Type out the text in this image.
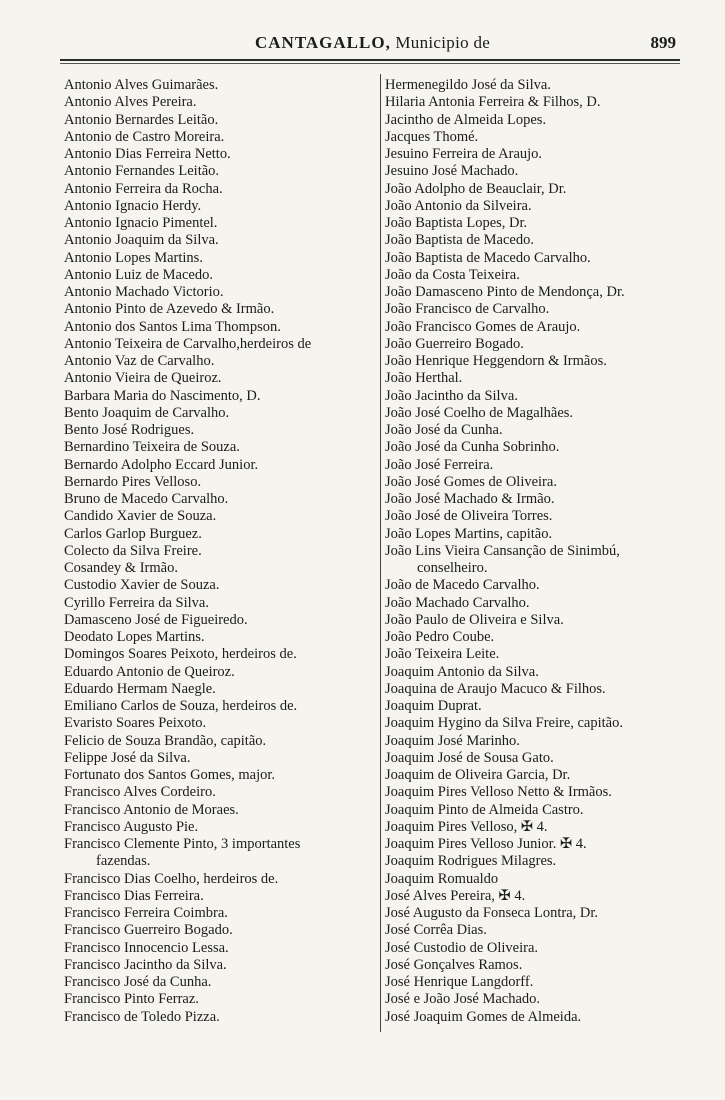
CANTAGALLO, Municipio de	899
Antonio Alves Guimarães.
Antonio Alves Pereira.
Antonio Bernardes Leitão.
Antonio de Castro Moreira.
Antonio Dias Ferreira Netto.
Antonio Fernandes Leitão.
Antonio Ferreira da Rocha.
Antonio Ignacio Herdy.
Antonio Ignacio Pimentel.
Antonio Joaquim da Silva.
Antonio Lopes Martins.
Antonio Luiz de Macedo.
Antonio Machado Victorio.
Antonio Pinto de Azevedo & Irmão.
Antonio dos Santos Lima Thompson.
Antonio Teixeira de Carvalho,herdeiros de
Antonio Vaz de Carvalho.
Antonio Vieira de Queiroz.
Barbara Maria do Nascimento, D.
Bento Joaquim de Carvalho.
Bento José Rodrigues.
Bernardino Teixeira de Souza.
Bernardo Adolpho Eccard Junior.
Bernardo Pires Velloso.
Bruno de Macedo Carvalho.
Candido Xavier de Souza.
Carlos Garlop Burguez.
Colecto da Silva Freire.
Cosandey & Irmão.
Custodio Xavier de Souza.
Cyrillo Ferreira da Silva.
Damasceno José de Figueiredo.
Deodato Lopes Martins.
Domingos Soares Peixoto, herdeiros de.
Eduardo Antonio de Queiroz.
Eduardo Hermam Naegle.
Emiliano Carlos de Souza, herdeiros de.
Evaristo Soares Peixoto.
Felicio de Souza Brandão, capitão.
Felippe José da Silva.
Fortunato dos Santos Gomes, major.
Francisco Alves Cordeiro.
Francisco Antonio de Moraes.
Francisco Augusto Pie.
Francisco Clemente Pinto, 3 importantes
fazendas.
Francisco Dias Coelho, herdeiros de.
Francisco Dias Ferreira.
Francisco Ferreira Coimbra.
Francisco Guerreiro Bogado.
Francisco Innocencio Lessa.
Francisco Jacintho da Silva.
Francisco José da Cunha.
Francisco Pinto Ferraz.
Francisco de Toledo Pizza.
Hermenegildo José da Silva.
Hilaria Antonia Ferreira & Filhos, D.
Jacintho de Almeida Lopes.
Jacques Thomé.
Jesuino Ferreira de Araujo.
Jesuino José Machado.
João Adolpho de Beauclair, Dr.
João Antonio da Silveira.
João Baptista Lopes, Dr.
João Baptista de Macedo.
João Baptista de Macedo Carvalho.
João da Costa Teixeira.
João Damasceno Pinto de Mendonça, Dr.
João Francisco de Carvalho.
João Francisco Gomes de Araujo.
João Guerreiro Bogado.
João Henrique Heggendorn & Irmãos.
João Herthal.
João Jacintho da Silva.
João José Coelho de Magalhães.
João José da Cunha.
João José da Cunha Sobrinho.
João José Ferreira.
João José Gomes de Oliveira.
João José Machado & Irmão.
João José de Oliveira Torres.
João Lopes Martins, capitão.
João Lins Vieira Cansanção de Sinimbú,
conselheiro.
João de Macedo Carvalho.
João Machado Carvalho.
João Paulo de Oliveira e Silva.
João Pedro Coube.
João Teixeira Leite.
Joaquim Antonio da Silva.
Joaquina de Araujo Macuco & Filhos.
Joaquim Duprat.
Joaquim Hygino da Silva Freire, capitão.
Joaquim José Marinho.
Joaquim José de Sousa Gato.
Joaquim de Oliveira Garcia, Dr.
Joaquim Pires Velloso Netto & Irmãos.
Joaquim Pinto de Almeida Castro.
Joaquim Pires Velloso, ✠ 4.
Joaquim Pires Velloso Junior. ✠ 4.
Joaquim Rodrigues Milagres.
Joaquim Romualdo
José Alves Pereira, ✠ 4.
José Augusto da Fonseca Lontra, Dr.
José Corrêa Dias.
José Custodio de Oliveira.
José Gonçalves Ramos.
José Henrique Langdorff.
José e João José Machado.
José Joaquim Gomes de Almeida.
